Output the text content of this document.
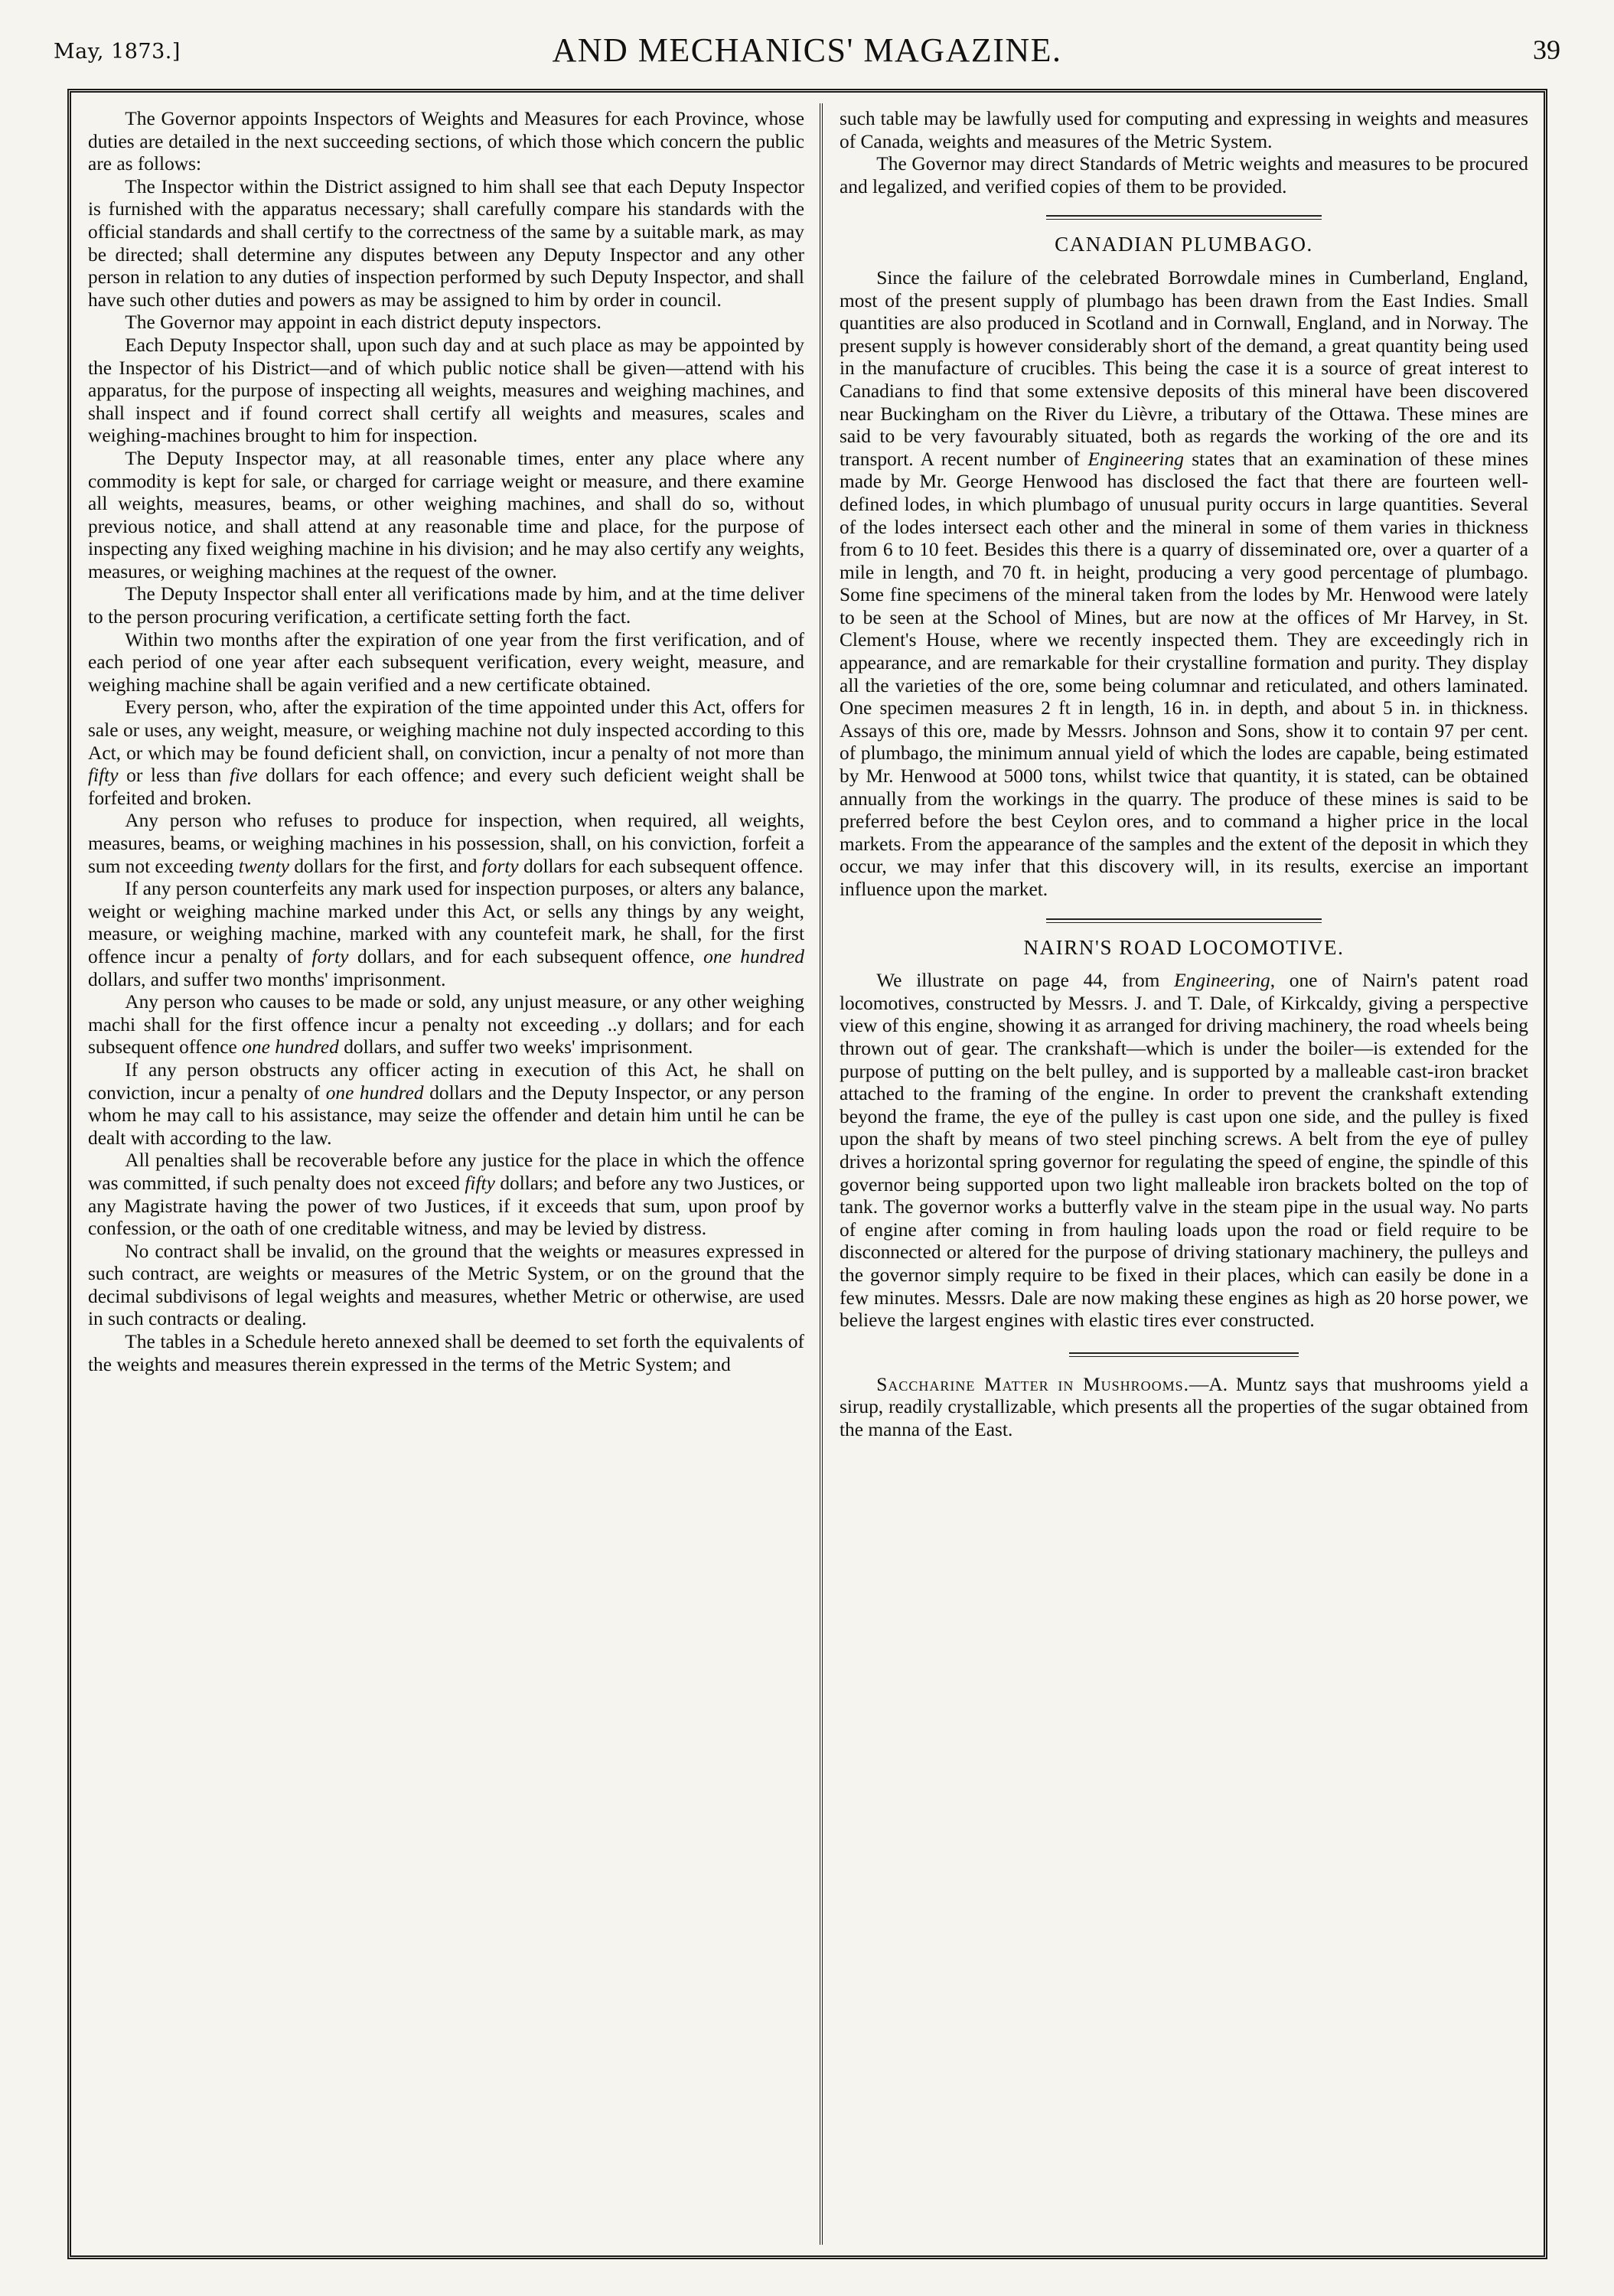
May, 1873.]	AND MECHANICS' MAGAZINE.	39

The Governor appoints Inspectors of Weights and Measures for each Province, whose duties are detailed in the next succeeding sections, of which those which concern the public are as follows:

The Inspector within the District assigned to him shall see that each Deputy Inspector is furnished with the apparatus necessary; shall carefully compare his standards with the official standards and shall certify to the correctness of the same by a suitable mark, as may be directed; shall determine any disputes between any Deputy Inspector and any other person in relation to any duties of inspection performed by such Deputy Inspector, and shall have such other duties and powers as may be assigned to him by order in council.

The Governor may appoint in each district deputy inspectors.

Each Deputy Inspector shall, upon such day and at such place as may be appointed by the Inspector of his District—and of which public notice shall be given—attend with his apparatus, for the purpose of inspecting all weights, measures and weighing machines, and shall inspect and if found correct shall certify all weights and measures, scales and weighing-machines brought to him for inspection.

The Deputy Inspector may, at all reasonable times, enter any place where any commodity is kept for sale, or charged for carriage weight or measure, and there examine all weights, measures, beams, or other weighing machines, and shall do so, without previous notice, and shall attend at any reasonable time and place, for the purpose of inspecting any fixed weighing machine in his division; and he may also certify any weights, measures, or weighing machines at the request of the owner.

The Deputy Inspector shall enter all verifications made by him, and at the time deliver to the person procuring verification, a certificate setting forth the fact.

Within two months after the expiration of one year from the first verification, and of each period of one year after each subsequent verification, every weight, measure, and weighing machine shall be again verified and a new certificate obtained.

Every person, who, after the expiration of the time appointed under this Act, offers for sale or uses, any weight, measure, or weighing machine not duly inspected according to this Act, or which may be found deficient shall, on conviction, incur a penalty of not more than fifty or less than five dollars for each offence; and every such deficient weight shall be forfeited and broken.

Any person who refuses to produce for inspection, when required, all weights, measures, beams, or weighing machines in his possession, shall, on his conviction, forfeit a sum not exceeding twenty dollars for the first, and forty dollars for each subsequent offence.

If any person counterfeits any mark used for inspection purposes, or alters any balance, weight or weighing machine marked under this Act, or sells any things by any weight, measure, or weighing machine, marked with any countefeit mark, he shall, for the first offence incur a penalty of forty dollars, and for each subsequent offence, one hundred dollars, and suffer two months' imprisonment.

Any person who causes to be made or sold, any unjust measure, or any other weighing machi shall for the first offence incur a penalty not exceeding ..y dollars; and for each subsequent offence one hundred dollars, and suffer two weeks' imprisonment.

If any person obstructs any officer acting in execution of this Act, he shall on conviction, incur a penalty of one hundred dollars and the Deputy Inspector, or any person whom he may call to his assistance, may seize the offender and detain him until he can be dealt with according to the law.

All penalties shall be recoverable before any justice for the place in which the offence was committed, if such penalty does not exceed fifty dollars; and before any two Justices, or any Magistrate having the power of two Justices, if it exceeds that sum, upon proof by confession, or the oath of one creditable witness, and may be levied by distress.

No contract shall be invalid, on the ground that the weights or measures expressed in such contract, are weights or measures of the Metric System, or on the ground that the decimal subdivisons of legal weights and measures, whether Metric or otherwise, are used in such contracts or dealing.

The tables in a Schedule hereto annexed shall be deemed to set forth the equivalents of the weights and measures therein expressed in the terms of the Metric System; and

such table may be lawfully used for computing and expressing in weights and measures of Canada, weights and measures of the Metric System.

The Governor may direct Standards of Metric weights and measures to be procured and legalized, and verified copies of them to be provided.

CANADIAN PLUMBAGO.

Since the failure of the celebrated Borrowdale mines in Cumberland, England, most of the present supply of plumbago has been drawn from the East Indies. Small quantities are also produced in Scotland and in Cornwall, England, and in Norway. The present supply is however considerably short of the demand, a great quantity being used in the manufacture of crucibles. This being the case it is a source of great interest to Canadians to find that some extensive deposits of this mineral have been discovered near Buckingham on the River du Lièvre, a tributary of the Ottawa. These mines are said to be very favourably situated, both as regards the working of the ore and its transport. A recent number of Engineering states that an examination of these mines made by Mr. George Henwood has disclosed the fact that there are fourteen well-defined lodes, in which plumbago of unusual purity occurs in large quantities. Several of the lodes intersect each other and the mineral in some of them varies in thickness from 6 to 10 feet. Besides this there is a quarry of disseminated ore, over a quarter of a mile in length, and 70 ft. in height, producing a very good percentage of plumbago. Some fine specimens of the mineral taken from the lodes by Mr. Henwood were lately to be seen at the School of Mines, but are now at the offices of Mr Harvey, in St. Clement's House, where we recently inspected them. They are exceedingly rich in appearance, and are remarkable for their crystalline formation and purity. They display all the varieties of the ore, some being columnar and reticulated, and others laminated. One specimen measures 2 ft in length, 16 in. in depth, and about 5 in. in thickness. Assays of this ore, made by Messrs. Johnson and Sons, show it to contain 97 per cent. of plumbago, the minimum annual yield of which the lodes are capable, being estimated by Mr. Henwood at 5000 tons, whilst twice that quantity, it is stated, can be obtained annually from the workings in the quarry. The produce of these mines is said to be preferred before the best Ceylon ores, and to command a higher price in the local markets. From the appearance of the samples and the extent of the deposit in which they occur, we may infer that this discovery will, in its results, exercise an important influence upon the market.

NAIRN'S ROAD LOCOMOTIVE.

We illustrate on page 44, from Engineering, one of Nairn's patent road locomotives, constructed by Messrs. J. and T. Dale, of Kirkcaldy, giving a perspective view of this engine, showing it as arranged for driving machinery, the road wheels being thrown out of gear. The crankshaft—which is under the boiler—is extended for the purpose of putting on the belt pulley, and is supported by a malleable cast-iron bracket attached to the framing of the engine. In order to prevent the crankshaft extending beyond the frame, the eye of the pulley is cast upon one side, and the pulley is fixed upon the shaft by means of two steel pinching screws. A belt from the eye of pulley drives a horizontal spring governor for regulating the speed of engine, the spindle of this governor being supported upon two light malleable iron brackets bolted on the top of tank. The governor works a butterfly valve in the steam pipe in the usual way. No parts of engine after coming in from hauling loads upon the road or field require to be disconnected or altered for the purpose of driving stationary machinery, the pulleys and the governor simply require to be fixed in their places, which can easily be done in a few minutes. Messrs. Dale are now making these engines as high as 20 horse power, we believe the largest engines with elastic tires ever constructed.

Saccharine Matter in Mushrooms.—A. Muntz says that mushrooms yield a sirup, readily crystallizable, which presents all the properties of the sugar obtained from the manna of the East.
